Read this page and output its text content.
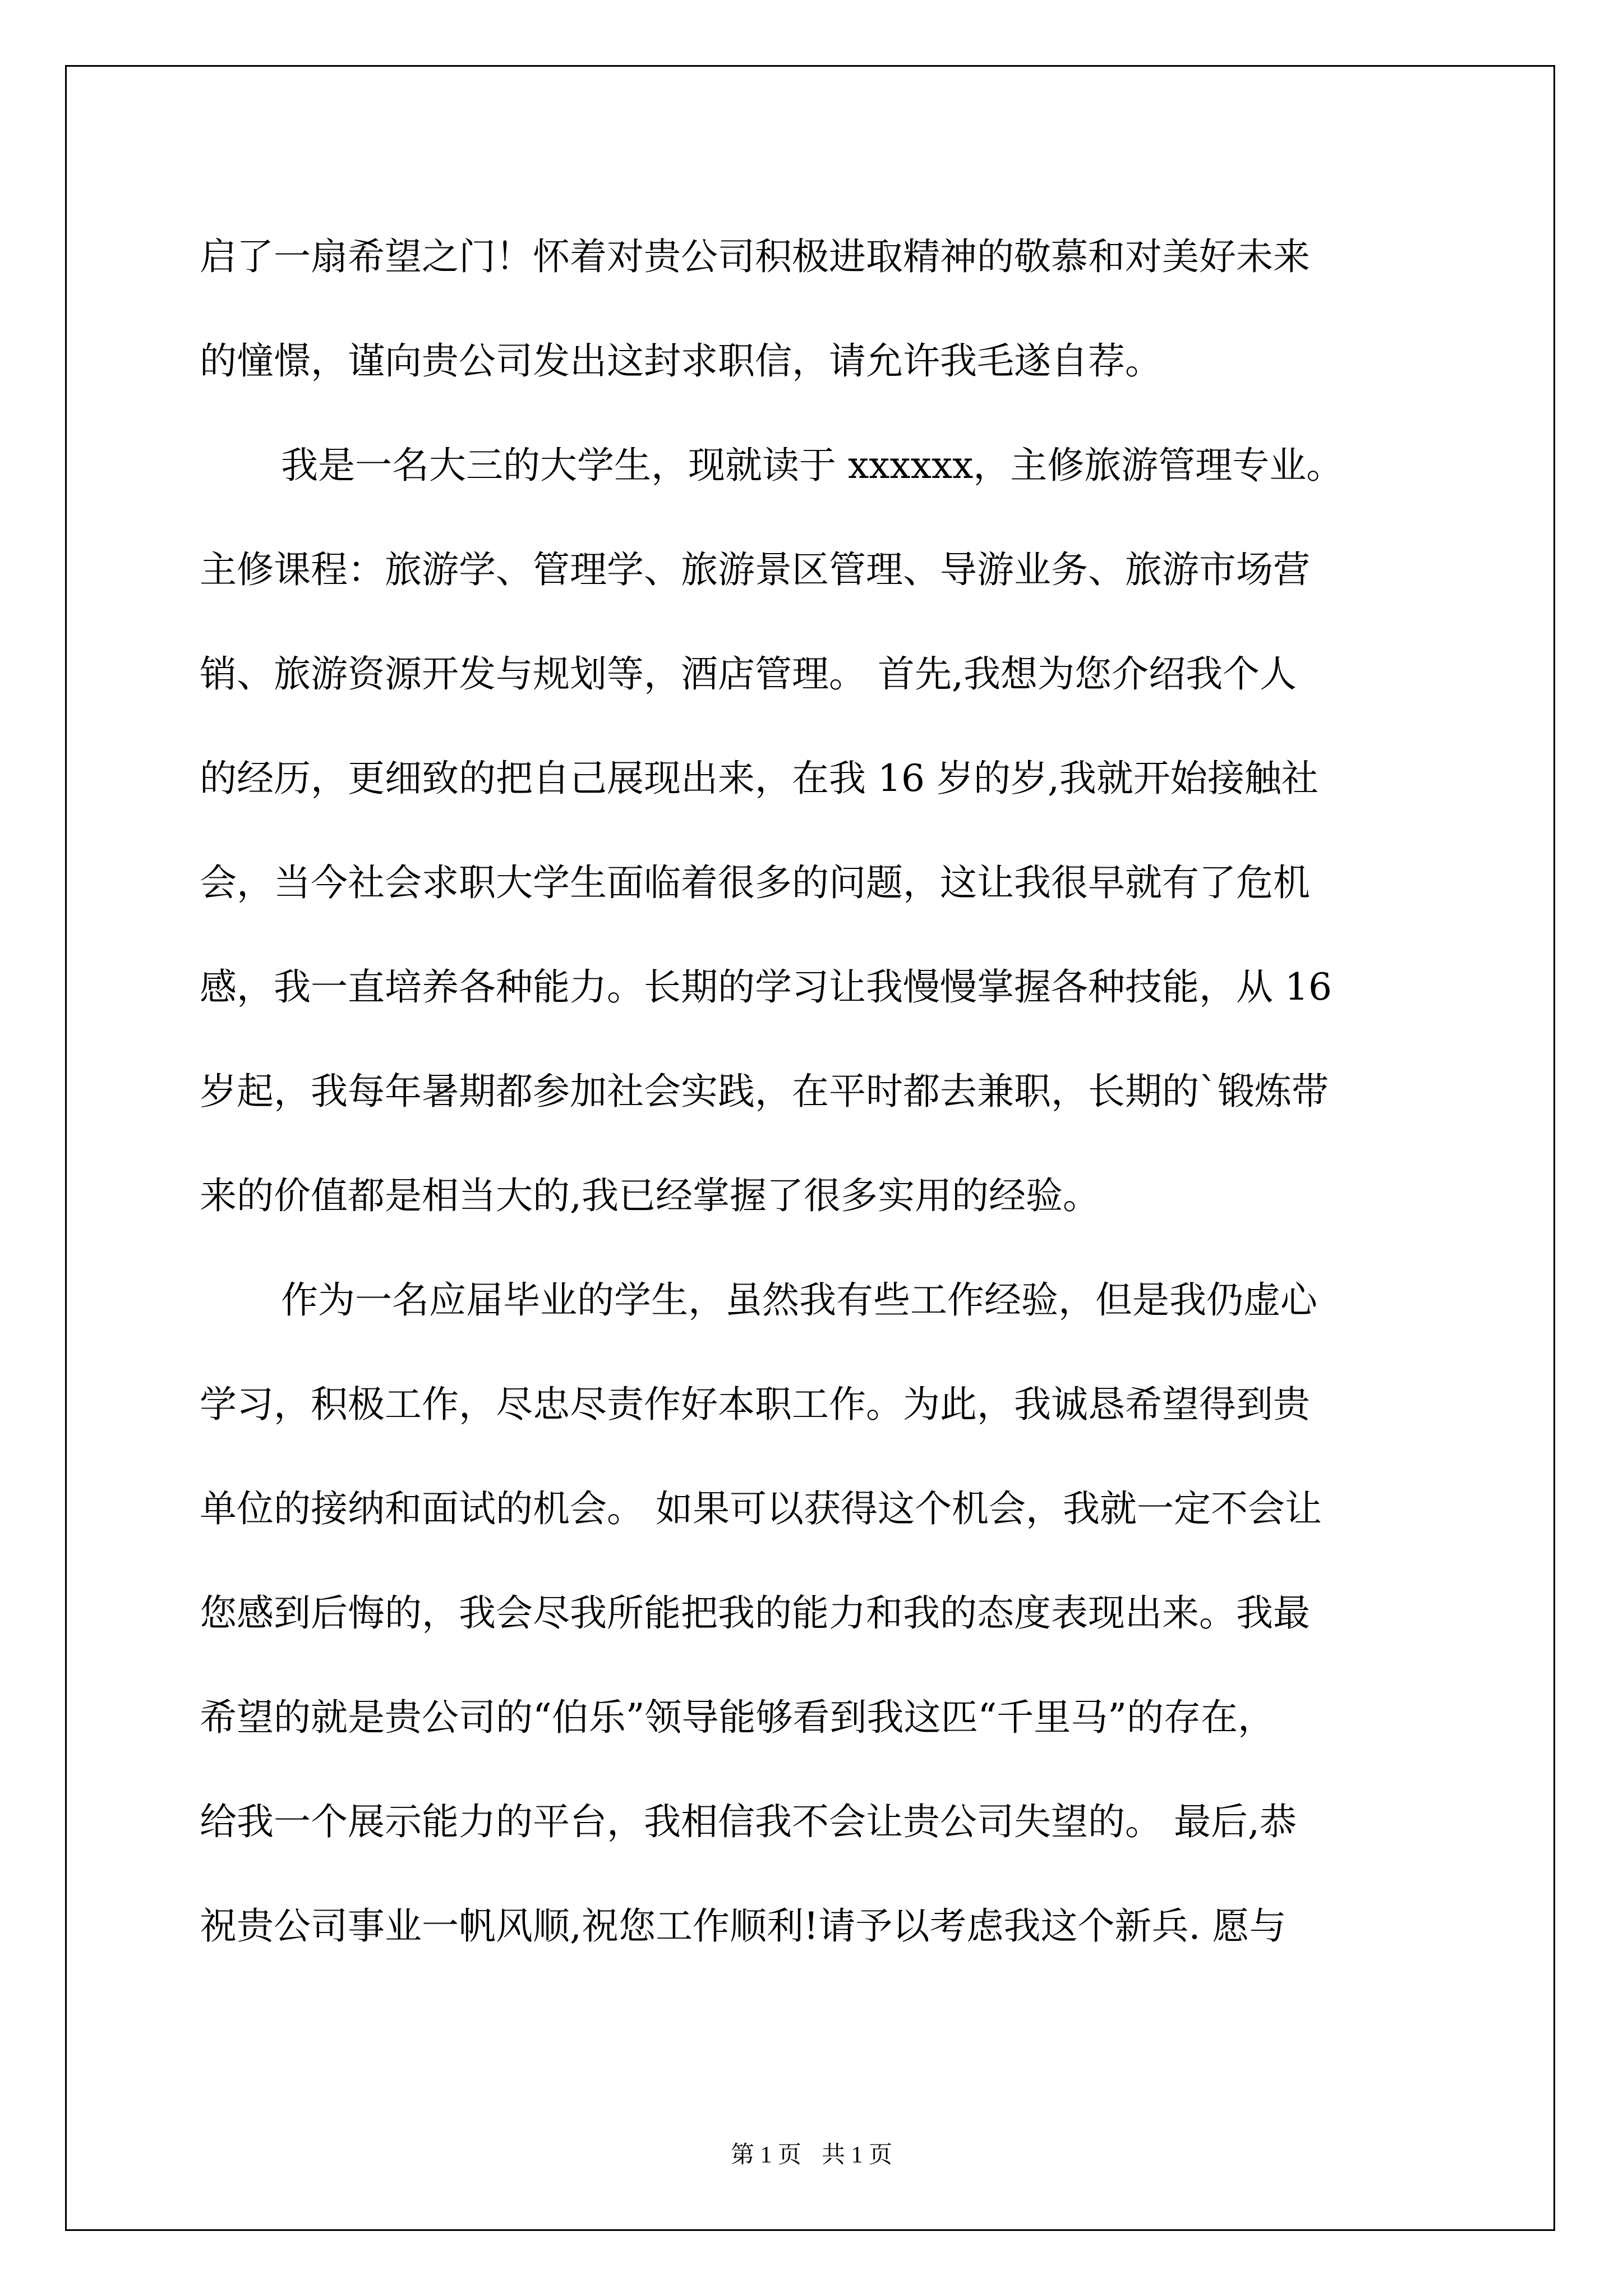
启了一扇希望之门！怀着对贵公司积极进取精神的敬慕和对美好未来
的憧憬，谨向贵公司发出这封求职信，请允许我毛遂自荐。
我是一名大三的大学生，现就读于 xxxxxx，主修旅游管理专业。
主修课程：旅游学、管理学、旅游景区管理、导游业务、旅游市场营
销、旅游资源开发与规划等，酒店管理。 首先,我想为您介绍我个人
的经历，更细致的把自己展现出来，在我 16 岁的岁,我就开始接触社
会，当今社会求职大学生面临着很多的问题，这让我很早就有了危机
感，我一直培养各种能力。长期的学习让我慢慢掌握各种技能，从 16
岁起，我每年暑期都参加社会实践，在平时都去兼职，长期的`锻炼带
来的价值都是相当大的,我已经掌握了很多实用的经验。
作为一名应届毕业的学生，虽然我有些工作经验，但是我仍虚心
学习，积极工作，尽忠尽责作好本职工作。为此，我诚恳希望得到贵
单位的接纳和面试的机会。 如果可以获得这个机会，我就一定不会让
您感到后悔的，我会尽我所能把我的能力和我的态度表现出来。我最
希望的就是贵公司的“伯乐”领导能够看到我这匹“千里马”的存在，
给我一个展示能力的平台，我相信我不会让贵公司失望的。 最后,恭
祝贵公司事业一帆风顺,祝您工作顺利!请予以考虑我这个新兵. 愿与
第 1 页 共 1 页
